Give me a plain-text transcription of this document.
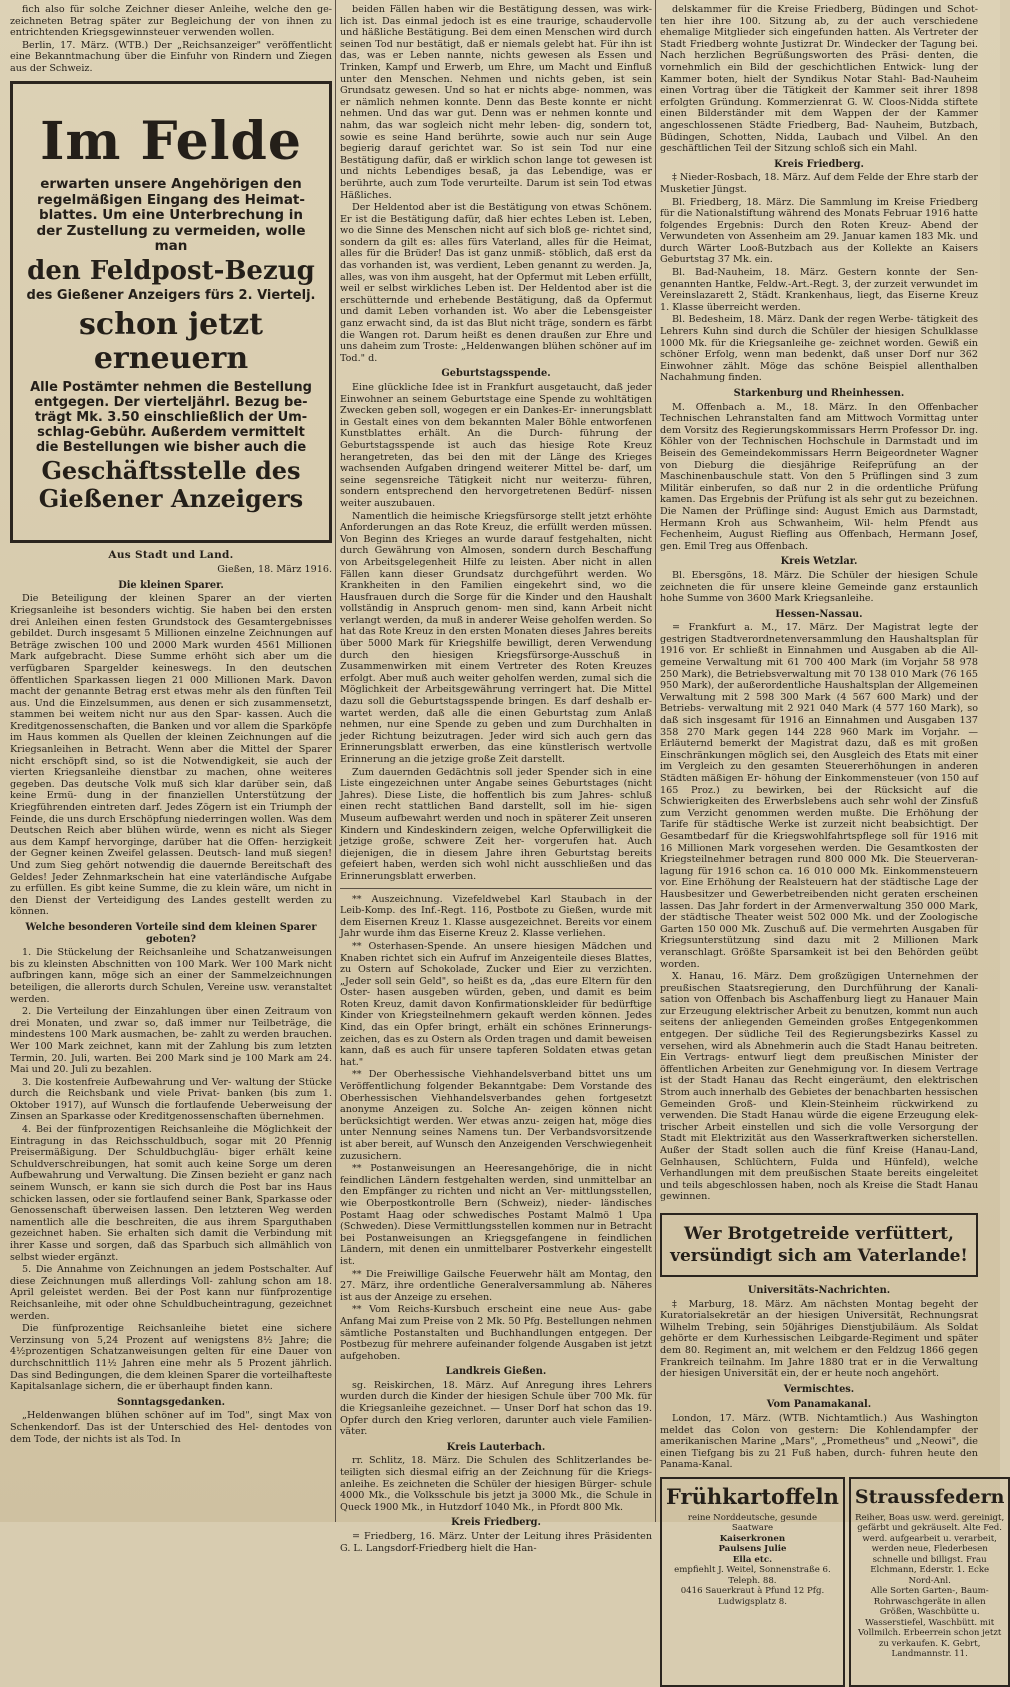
fich also für solche Zeichner dieser Anleihe, welche den ge‑ zeichneten Betrag später zur Begleichung der von ihnen zu entrichtenden Kriegsgewinnsteuer verwenden wollen.

Berlin, 17. März. (WTB.) Der „Reichsanzeiger" veröffentlicht eine Bekanntmachung über die Einfuhr von Rindern und Ziegen aus der Schweiz.

Im Felde
erwarten unsere Angehörigen den regelmäßigen Eingang des Heimat‑ blattes. Um eine Unterbrechung in der Zustellung zu vermeiden, wolle man
den Feldpost‑Bezug
des Gießener Anzeigers fürs 2. Viertelj.
schon jetzt erneuern
Alle Postämter nehmen die Bestellung entgegen. Der vierteljährl. Bezug be‑ trägt Mk. 3.50 einschließlich der Um‑ schlag‑Gebühr. Außerdem vermittelt die Bestellungen wie bisher auch die
Geschäftsstelle des Gießener Anzeigers
Aus Stadt und Land.
Gießen, 18. März 1916.
Die kleinen Sparer.

Die Beteiligung der kleinen Sparer an der vierten Kriegsanleihe ist besonders wichtig. Sie haben bei den ersten drei Anleihen einen festen Grundstock des Gesamtergebnisses gebildet. Durch insgesamt 5 Millionen einzelne Zeichnungen auf Beträge zwischen 100 und 2000 Mark wurden 4561 Millionen Mark aufgebracht. Diese Summe erhöht sich aber um die verfügbaren Spargelder keineswegs. In den deutschen öffentlichen Sparkassen liegen 21 000 Millionen Mark. Davon macht der genannte Betrag erst etwas mehr als den fünften Teil aus. Und die Einzelsummen, aus denen er sich zusammensetzt, stammen bei weitem nicht nur aus den Spar‑ kassen. Auch die Kreditgenossenschaften, die Banken und vor allem die Sparköpfe im Haus kommen als Quellen der kleinen Zeichnungen auf die Kriegsanleihen in Betracht. Wenn aber die Mittel der Sparer nicht erschöpft sind, so ist die Notwendigkeit, sie auch der vierten Kriegsanleihe dienstbar zu machen, ohne weiteres gegeben. Das deutsche Volk muß sich klar darüber sein, daß keine Ermü‑ dung in der finanziellen Unterstützung der Kriegführenden eintreten darf. Jedes Zögern ist ein Triumph der Feinde, die uns durch Erschöpfung niederringen wollen. Was dem Deutschen Reich aber blühen würde, wenn es nicht als Sieger aus dem Kampf hervorginge, darüber hat die Offen‑ herzigkeit der Gegner keinen Zweifel gelassen. Deutsch‑ land muß siegen! Und zum Sieg gehört notwendig die dauernde Bereitschaft des Geldes! Jeder Zehnmarkschein hat eine vaterländische Aufgabe zu erfüllen. Es gibt keine Summe, die zu klein wäre, um nicht in den Dienst der Verteidigung des Landes gestellt werden zu können.

Welche besonderen Vorteile sind dem kleinen Sparer geboten?

1. Die Stückelung der Reichsanleihe und Schatzanweisungen bis zu kleinsten Abschnitten von 100 Mark. Wer 100 Mark nicht aufbringen kann, möge sich an einer der Sammelzeichnungen beteiligen, die allerorts durch Schulen, Vereine usw. veranstaltet werden.

2. Die Verteilung der Einzahlungen über einen Zeitraum von drei Monaten, und zwar so, daß immer nur Teilbeträge, die mindestens 100 Mark ausmachen, be‑ zahlt zu werden brauchen. Wer 100 Mark zeichnet, kann mit der Zahlung bis zum letzten Termin, 20. Juli, warten. Bei 200 Mark sind je 100 Mark am 24. Mai und 20. Juli zu bezahlen.

3. Die kostenfreie Aufbewahrung und Ver‑ waltung der Stücke durch die Reichsbank und viele Privat‑ banken (bis zum 1. Oktober 1917), auf Wunsch die fortlaufende Ueberweisung der Zinsen an Sparkasse oder Kreditgenossenschaften übernehmen.

4. Bei der fünfprozentigen Reichsanleihe die Möglichkeit der Eintragung in das Reichsschuldbuch, sogar mit 20 Pfennig Preisermäßigung. Der Schuldbuchgläu‑ biger erhält keine Schuldverschreibungen, hat somit auch keine Sorge um deren Aufbewahrung und Verwaltung. Die Zinsen bezieht er ganz nach seinem Wunsch, er kann sie sich durch die Post bar ins Haus schicken lassen, oder sie fortlaufend seiner Bank, Sparkasse oder Genossenschaft überweisen lassen. Den letzteren Weg werden namentlich alle die beschreiten, die aus ihrem Sparguthaben gezeichnet haben. Sie erhalten sich damit die Verbindung mit ihrer Kasse und sorgen, daß das Sparbuch sich allmählich von selbst wieder ergänzt.

5. Die Annahme von Zeichnungen an jedem Postschalter. Auf diese Zeichnungen muß allerdings Voll‑ zahlung schon am 18. April geleistet werden. Bei der Post kann nur fünfprozentige Reichsanleihe, mit oder ohne Schuldbucheintragung, gezeichnet werden.

Die fünfprozentige Reichsanleihe bietet eine sichere Verzinsung von 5,24 Prozent auf wenigstens 8½ Jahre; die 4½prozentigen Schatzanweisungen gelten für eine Dauer von durchschnittlich 11½ Jahren eine mehr als 5 Prozent jährlich. Das sind Bedingungen, die dem kleinen Sparer die vorteilhafteste Kapitalsanlage sichern, die er überhaupt finden kann.

Sonntagsgedanken.

„Heldenwangen blühen schöner auf im Tod", singt Max von Schenkendorf. Das ist der Unterschied des Hel‑ dentodes von dem Tode, der nichts ist als Tod. In

beiden Fällen haben wir die Bestätigung dessen, was wirk‑ lich ist. Das einmal jedoch ist es eine traurige, schaudervolle und häßliche Bestätigung. Bei dem einen Menschen wird durch seinen Tod nur bestätigt, daß er niemals gelebt hat. Für ihn ist das, was er Leben nannte, nichts gewesen als Essen und Trinken, Kampf und Erwerb, um Ehre, um Macht und Einfluß unter den Menschen. Nehmen und nichts geben, ist sein Grundsatz gewesen. Und so hat er nichts abge‑ nommen, was er nämlich nehmen konnte. Denn das Beste konnte er nicht nehmen. Und das war gut. Denn was er nehmen konnte und nahm, das war sogleich nicht mehr leben‑ dig, sondern tot, sowie es seine Hand berührte, sowie auch nur sein Auge begierig darauf gerichtet war. So ist sein Tod nur eine Bestätigung dafür, daß er wirklich schon lange tot gewesen ist und nichts Lebendiges besaß, ja das Lebendige, was er berührte, auch zum Tode verurteilte. Darum ist sein Tod etwas Häßliches.

Der Heldentod aber ist die Bestätigung von etwas Schönem. Er ist die Bestätigung dafür, daß hier echtes Leben ist. Leben, wo die Sinne des Menschen nicht auf sich bloß ge‑ richtet sind, sondern da gilt es: alles fürs Vaterland, alles für die Heimat, alles für die Brüder! Das ist ganz unmiß‑ stöblich, daß erst da das vorhanden ist, was verdient, Leben genannt zu werden. Ja, alles, was von ihm ausgeht, hat der Opfermut mit Leben erfüllt, weil er selbst wirkliches Leben ist. Der Heldentod aber ist die erschütternde und erhebende Bestätigung, daß da Opfermut und damit Leben vorhanden ist. Wo aber die Lebensgeister ganz erwacht sind, da ist das Blut nicht träge, sondern es färbt die Wangen rot. Darum heißt es denen draußen zur Ehre und uns daheim zum Troste: „Heldenwangen blühen schöner auf im Tod." d.

Geburtstagsspende.

Eine glückliche Idee ist in Frankfurt ausgetaucht, daß jeder Einwohner an seinem Geburtstage eine Spende zu wohltätigen Zwecken geben soll, wogegen er ein Dankes‑Er‑ innerungsblatt in Gestalt eines von dem bekannten Maler Böhle entworfenen Kunstblattes erhält. An die Durch‑ führung der Geburtstagsspende ist auch das hiesige Rote Kreuz herangetreten, das bei den mit der Länge des Krieges wachsenden Aufgaben dringend weiterer Mittel be‑ darf, um seine segensreiche Tätigkeit nicht nur weiterzu‑ führen, sondern entsprechend den hervorgetretenen Bedürf‑ nissen weiter auszubauen.

Namentlich die heimische Kriegsfürsorge stellt jetzt erhöhte Anforderungen an das Rote Kreuz, die erfüllt werden müssen. Von Beginn des Krieges an wurde darauf festgehalten, nicht durch Gewährung von Almosen, sondern durch Beschaffung von Arbeitsgelegenheit Hilfe zu leisten. Aber nicht in allen Fällen kann dieser Grundsatz durchgeführt werden. Wo Krankheiten in den Familien eingekehrt sind, wo die Hausfrauen durch die Sorge für die Kinder und den Haushalt vollständig in Anspruch genom‑ men sind, kann Arbeit nicht verlangt werden, da muß in anderer Weise geholfen werden. So hat das Rote Kreuz in den ersten Monaten dieses Jahres bereits über 5000 Mark für Kriegshilfe bewilligt, deren Verwendung durch den hiesigen Kriegsfürsorge‑Ausschuß in Zusammenwirken mit einem Vertreter des Roten Kreuzes erfolgt. Aber muß auch weiter geholfen werden, zumal sich die Möglichkeit der Arbeitsgewährung verringert hat. Die Mittel dazu soll die Geburtstagsspende bringen. Es darf deshalb er‑ wartet werden, daß alle die einen Geburtstag zum Anlaß nehmen, nur eine Spende zu geben und zum Durchhalten in jeder Richtung beizutragen. Jeder wird sich auch gern das Erinnerungsblatt erwerben, das eine künstlerisch wertvolle Erinnerung an die jetzige große Zeit darstellt.

Zum dauernden Gedächtnis soll jeder Spender sich in eine Liste eingezeichnen unter Angabe seines Geburtstages (nicht Jahres). Diese Liste, die hoffentlich bis zum Jahres‑ schluß einen recht stattlichen Band darstellt, soll im hie‑ sigen Museum aufbewahrt werden und noch in späterer Zeit unseren Kindern und Kindeskindern zeigen, welche Opferwilligkeit die jetzige große, schwere Zeit her‑ vorgerufen hat. Auch diejenigen, die in diesem Jahre ihren Geburtstag bereits gefeiert haben, werden sich wohl nicht ausschließen und das Erinnerungsblatt erwerben.

** Auszeichnung. Vizefeldwebel Karl Staubach in der Leib‑Komp. des Inf.‑Regt. 116, Postbote zu Gießen, wurde mit dem Eisernen Kreuz 1. Klasse ausgezeichnet. Bereits vor einem Jahr wurde ihm das Eiserne Kreuz 2. Klasse verliehen.

** Osterhasen‑Spende. An unsere hiesigen Mädchen und Knaben richtet sich ein Aufruf im Anzeigenteile dieses Blattes, zu Ostern auf Schokolade, Zucker und Eier zu verzichten. „Jeder soll sein Geld", so heißt es da, „das eure Eltern für den Oster‑ hasen ausgeben würden, geben, und damit es beim Roten Kreuz, damit davon Konfirmationskleider für bedürftige Kinder von Kriegsteilnehmern gekauft werden können. Jedes Kind, das ein Opfer bringt, erhält ein schönes Erinnerungs‑ zeichen, das es zu Ostern als Orden tragen und damit beweisen kann, daß es auch für unsere tapferen Soldaten etwas getan hat."

** Der Oberhessische Viehhandelsverband bittet uns um Veröffentlichung folgender Bekanntgabe: Dem Vorstande des Oberhessischen Viehhandelsverbandes gehen fortgesetzt anonyme Anzeigen zu. Solche An‑ zeigen können nicht berücksichtigt werden. Wer etwas anzu‑ zeigen hat, möge dies unter Nennung seines Namens tun. Der Verbandsvorsitzende ist aber bereit, auf Wunsch den Anzeigenden Verschwiegenheit zuzusichern.

** Postanweisungen an Heeresangehörige, die in nicht feindlichen Ländern festgehalten werden, sind unmittelbar an den Empfänger zu richten und nicht an Ver‑ mittlungsstellen, wie Oberpostkontrolle Bern (Schweiz), nieder‑ ländisches Postamt Haag oder schwedisches Postamt Malmö 1 Upa (Schweden). Diese Vermittlungsstellen kommen nur in Betracht bei Postanweisungen an Kriegsgefangene in feindlichen Ländern, mit denen ein unmittelbarer Postverkehr eingestellt ist.

** Die Freiwillige Gailsche Feuerwehr hält am Montag, den 27. März, ihre ordentliche Generalversammlung ab. Näheres ist aus der Anzeige zu ersehen.

** Vom Reichs‑Kursbuch erscheint eine neue Aus‑ gabe Anfang Mai zum Preise von 2 Mk. 50 Pfg. Bestellungen nehmen sämtliche Postanstalten und Buchhandlungen entgegen. Der Postbezug für mehrere aufeinander folgende Ausgaben ist jetzt aufgehoben.

Landkreis Gießen.

sg. Reiskirchen, 18. März. Auf Anregung ihres Lehrers wurden durch die Kinder der hiesigen Schule über 700 Mk. für die Kriegsanleihe gezeichnet. — Unser Dorf hat schon das 19. Opfer durch den Krieg verloren, darunter auch viele Familien‑ väter.

Kreis Lauterbach.

rr. Schlitz, 18. März. Die Schulen des Schlitzerlandes be‑ teiligten sich diesmal eifrig an der Zeichnung für die Kriegs‑ anleihe. Es zeichneten die Schüler der hiesigen Bürger‑ schule 4000 Mk., die Volksschule bis jetzt ja 3000 Mk., die Schule in Queck 1900 Mk., in Hutzdorf 1040 Mk., in Pfordt 800 Mk.

Kreis Friedberg.

= Friedberg, 16. März. Unter der Leitung ihres Präsidenten G. L. Langsdorf‑Friedberg hielt die Han‑

delskammer für die Kreise Friedberg, Büdingen und Schot‑ ten hier ihre 100. Sitzung ab, zu der auch verschiedene ehemalige Mitglieder sich eingefunden hatten. Als Vertreter der Stadt Friedberg wohnte Justizrat Dr. Windecker der Tagung bei. Nach herzlichen Begrüßungsworten des Präsi‑ denten, die vornehmlich ein Bild der geschichtlichen Entwick‑ lung der Kammer boten, hielt der Syndikus Notar Stahl‑ Bad‑Nauheim einen Vortrag über die Tätigkeit der Kammer seit ihrer 1898 erfolgten Gründung. Kommerzienrat G. W. Cloos‑Nidda stiftete einen Bilderständer mit dem Wappen der der Kammer angeschlossenen Städte Friedberg, Bad‑ Nauheim, Butzbach, Büdingen, Schotten, Nidda, Laubach und Vilbel. An den geschäftlichen Teil der Sitzung schloß sich ein Mahl.

Kreis Friedberg.

‡ Nieder‑Rosbach, 18. März. Auf dem Felde der Ehre starb der Musketier Jüngst.

Bl. Friedberg, 18. März. Die Sammlung im Kreise Friedberg für die Nationalstiftung während des Monats Februar 1916 hatte folgendes Ergebnis: Durch den Roten Kreuz‑ Abend der Verwundeten von Assenheim am 29. Januar kamen 183 Mk. und durch Wärter Looß‑Butzbach aus der Kollekte an Kaisers Geburtstag 37 Mk. ein.

Bl. Bad‑Nauheim, 18. März. Gestern konnte der Sen‑ genannten Hantke, Feldw.‑Art.‑Regt. 3, der zurzeit verwundet im Vereinslazarett 2, Städt. Krankenhaus, liegt, das Eiserne Kreuz 1. Klasse überreicht werden.

Bl. Bedesheim, 18. März. Dank der regen Werbe‑ tätigkeit des Lehrers Kuhn sind durch die Schüler der hiesigen Schulklasse 1000 Mk. für die Kriegsanleihe ge‑ zeichnet worden. Gewiß ein schöner Erfolg, wenn man bedenkt, daß unser Dorf nur 362 Einwohner zählt. Möge das schöne Beispiel allenthalben Nachahmung finden.

Starkenburg und Rheinhessen.

M. Offenbach a. M., 18. März. In den Offenbacher Technischen Lehranstalten fand am Mittwoch Vormittag unter dem Vorsitz des Regierungskommissars Herrn Professor Dr. ing. Köhler von der Technischen Hochschule in Darmstadt und im Beisein des Gemeindekommissars Herrn Beigeordneter Wagner von Dieburg die diesjährige Reifeprüfung an der Maschinenbauschule statt. Von den 5 Prüflingen sind 3 zum Militär einberufen, so daß nur 2 in die ordentliche Prüfung kamen. Das Ergebnis der Prüfung ist als sehr gut zu bezeichnen. Die Namen der Prüflinge sind: August Emich aus Darmstadt, Hermann Kroh aus Schwanheim, Wil‑ helm Pfendt aus Fechenheim, August Riefling aus Offenbach, Hermann Josef, gen. Emil Treg aus Offenbach.

Kreis Wetzlar.

Bl. Ebersgöns, 18. März. Die Schüler der hiesigen Schule zeichneten die für unsere kleine Gemeinde ganz erstaunlich hohe Summe von 3600 Mark Kriegsanleihe.

Hessen‑Nassau.

= Frankfurt a. M., 17. März. Der Magistrat legte der gestrigen Stadtverordnetenversammlung den Haushaltsplan für 1916 vor. Er schließt in Einnahmen und Ausgaben ab die All‑ gemeine Verwaltung mit 61 700 400 Mark (im Vorjahr 58 978 250 Mark), die Betriebsverwaltung mit 70 138 010 Mark (76 165 950 Mark), der außerordentliche Haushaltsplan der Allgemeinen Verwaltung mit 2 598 300 Mark (4 567 600 Mark) und der Betriebs‑ verwaltung mit 2 921 040 Mark (4 577 160 Mark), so daß sich insgesamt für 1916 an Einnahmen und Ausgaben 137 358 270 Mark gegen 144 228 960 Mark im Vorjahr. — Erläuternd bemerkt der Magistrat dazu, daß es mit großen Einschränkungen möglich sei, den Ausgleich des Etats mit einer im Vergleich zu den gesamten Steuererhöhungen in anderen Städten mäßigen Er‑ höhung der Einkommensteuer (von 150 auf 165 Proz.) zu bewirken, bei der Rücksicht auf die Schwierigkeiten des Erwerbslebens auch sehr wohl der Zinsfuß zum Verzicht genommen werden mußte. Die Erhöhung der Tarife für städtische Werke ist zurzeit nicht beabsichtigt. Der Gesamtbedarf für die Kriegswohlfahrtspflege soll für 1916 mit 16 Millionen Mark vorgesehen werden. Die Gesamtkosten der Kriegsteilnehmer betragen rund 800 000 Mk. Die Steuerveran‑ lagung für 1916 schon ca. 16 010 000 Mk. Einkommensteuern vor. Eine Erhöhung der Realsteuern hat der städtische Lage der Hausbesitzer und Gewerbetreibenden nicht geraten erscheinen lassen. Das Jahr fordert in der Armenverwaltung 350 000 Mark, der städtische Theater weist 502 000 Mk. und der Zoologische Garten 150 000 Mk. Zuschuß auf. Die vermehrten Ausgaben für Kriegsunterstützung sind dazu mit 2 Millionen Mark veranschlagt. Größte Sparsamkeit ist bei den Behörden geübt worden.

X. Hanau, 16. März. Dem großzügigen Unternehmen der preußischen Staatsregierung, den Durchführung der Kanali‑ sation von Offenbach bis Aschaffenburg liegt zu Hanauer Main zur Erzeugung elektrischer Arbeit zu benutzen, kommt nun auch seitens der anliegenden Gemeinden großes Entgegenkommen entgegen. Der südliche Teil des Regierungsbezirks Kassel zu versehen, wird als Abnehmerin auch die Stadt Hanau beitreten. Ein Vertrags‑ entwurf liegt dem preußischen Minister der öffentlichen Arbeiten zur Genehmigung vor. In diesem Vertrage ist der Stadt Hanau das Recht eingeräumt, den elektrischen Strom auch innerhalb des Gebietes der benachbarten hessischen Gemeinden Groß‑ und Klein‑Steinheim rückwirkend zu verwenden. Die Stadt Hanau würde die eigene Erzeugung elek‑ trischer Arbeit einstellen und sich die volle Versorgung der Stadt mit Elektrizität aus den Wasserkraftwerken sicherstellen. Außer der Stadt sollen auch die fünf Kreise (Hanau‑Land, Gelnhausen, Schlüchtern, Fulda und Hünfeld), welche Verhandlungen mit dem preußischen Staate bereits eingeleitet und teils abgeschlossen haben, noch als Kreise die Stadt Hanau gewinnen.

Wer Brotgetreide verfüttert, versündigt sich am Vaterlande!
Universitäts‑Nachrichten.

‡ Marburg, 18. März. Am nächsten Montag begeht der Kuratorialsekretär an der hiesigen Universität, Rechnungsrat Wilhelm Trebing, sein 50jähriges Dienstjubiläum. Als Soldat gehörte er dem Kurhessischen Leibgarde‑Regiment und später dem 80. Regiment an, mit welchem er den Feldzug 1866 gegen Frankreich teilnahm. Im Jahre 1880 trat er in die Verwaltung der hiesigen Universität ein, der er heute noch angehört.

Vermischtes.
Vom Panamakanal.

London, 17. März. (WTB. Nichtamtlich.) Aus Washington meldet das Colon von gestern: Die Kohlendampfer der amerikanischen Marine „Mars", „Prometheus" und „Neowi", die einen Tiefgang bis zu 21 Fuß haben, durch‑ fuhren heute den Panama‑Kanal.

Frühkartoffeln
reine Norddeutsche, gesunde Saatware
Kaiserkronen
Paulsens Julie
Ella etc.
empfiehlt J. Weitel, Sonnenstraße 6. Teleph. 88.
0416 Sauerkraut à Pfund 12 Pfg. Ludwigsplatz 8.
Straussfedern
Reiher, Boas usw. werd. gereinigt, gefärbt und gekräuselt. Alte Fed. werd. aufgearbeit u. verarbeit, werden neue, Flederbesen schnelle und billigst. Frau Elchmann, Ederstr. 1. Ecke Nord‑Anl.
Alle Sorten Garten‑, Baum‑ Rohrwaschgeräte in allen Größen, Waschbütte u. Wasserstiefel, Waschbütt. mit Vollmilch. Erbeerrein schon jetzt zu verkaufen. K. Gebrt, Landmannstr. 11.
